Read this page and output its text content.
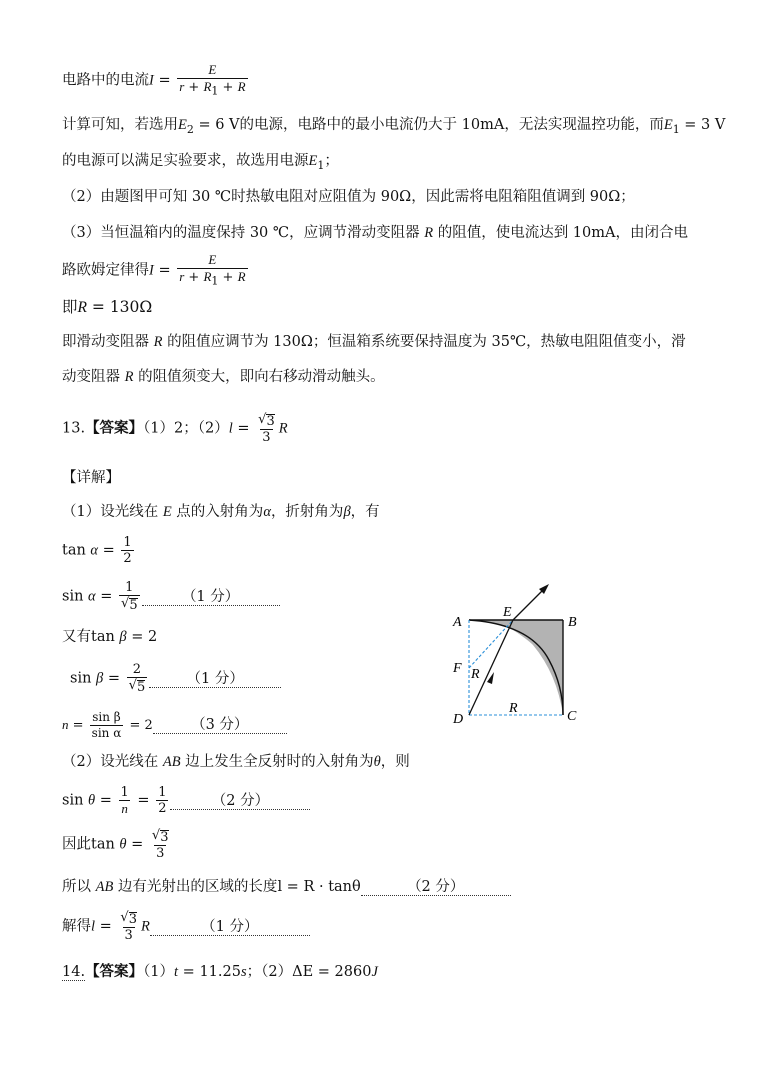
电路中的电流$I = \frac{E}{r + R_1 + R}$
计算可知，若选用$E_2 = 6$ V的电源，电路中的最小电流仍大于 10mA，无法实现温控功能，而$E_1 = 3$ V
的电源可以满足实验要求，故选用电源$E_1$；
（2）由题图甲可知 30 ℃时热敏电阻对应阻值为 90Ω，因此需将电阻箱阻值调到 90Ω；
（3）当恒温箱内的温度保持 30 ℃，应调节滑动变阻器 R 的阻值，使电流达到 10mA，由闭合电
路欧姆定律得$I = \frac{E}{r + R_1 + R}$
即R = 130Ω
即滑动变阻器 R 的阻值应调节为 130Ω；恒温箱系统要保持温度为 35℃，热敏电阻阻值变小，滑
动变阻器 R 的阻值须变大，即向右移动滑动触头。
13.【答案】（1）2；$(2)l = \frac{√ 3}{3}$ R
【详解】
（1）设光线在 E 点的入射角为α，折射角为β，有
$\tan \alpha = \frac{1}{2}$
$\sin \alpha = \frac{1}{√ 5}$	（1 分）
又有tan β = 2
$\sin \beta = \frac{2}{√ 5}$	（1 分）
$n = \frac{\text{sin β}}{\text{sin α}} = 2$	（3 分）
（2）设光线在 AB 边上发生全反射时的入射角为θ，则
$\sin \theta = \frac{1}{n} = \frac{1}{2}$	（2 分）
因此$\tan \theta = \frac{√ 3}{3}$
所以 AB 边有光射出的区域的长度l = R · tanθ	（2 分）
解得$l = \frac{√ 3}{3}$ R	（1 分）
14.【答案】（1）t = 11.25s；（2）ΔE = 2860J
A	B
C
D
E
F R
R
